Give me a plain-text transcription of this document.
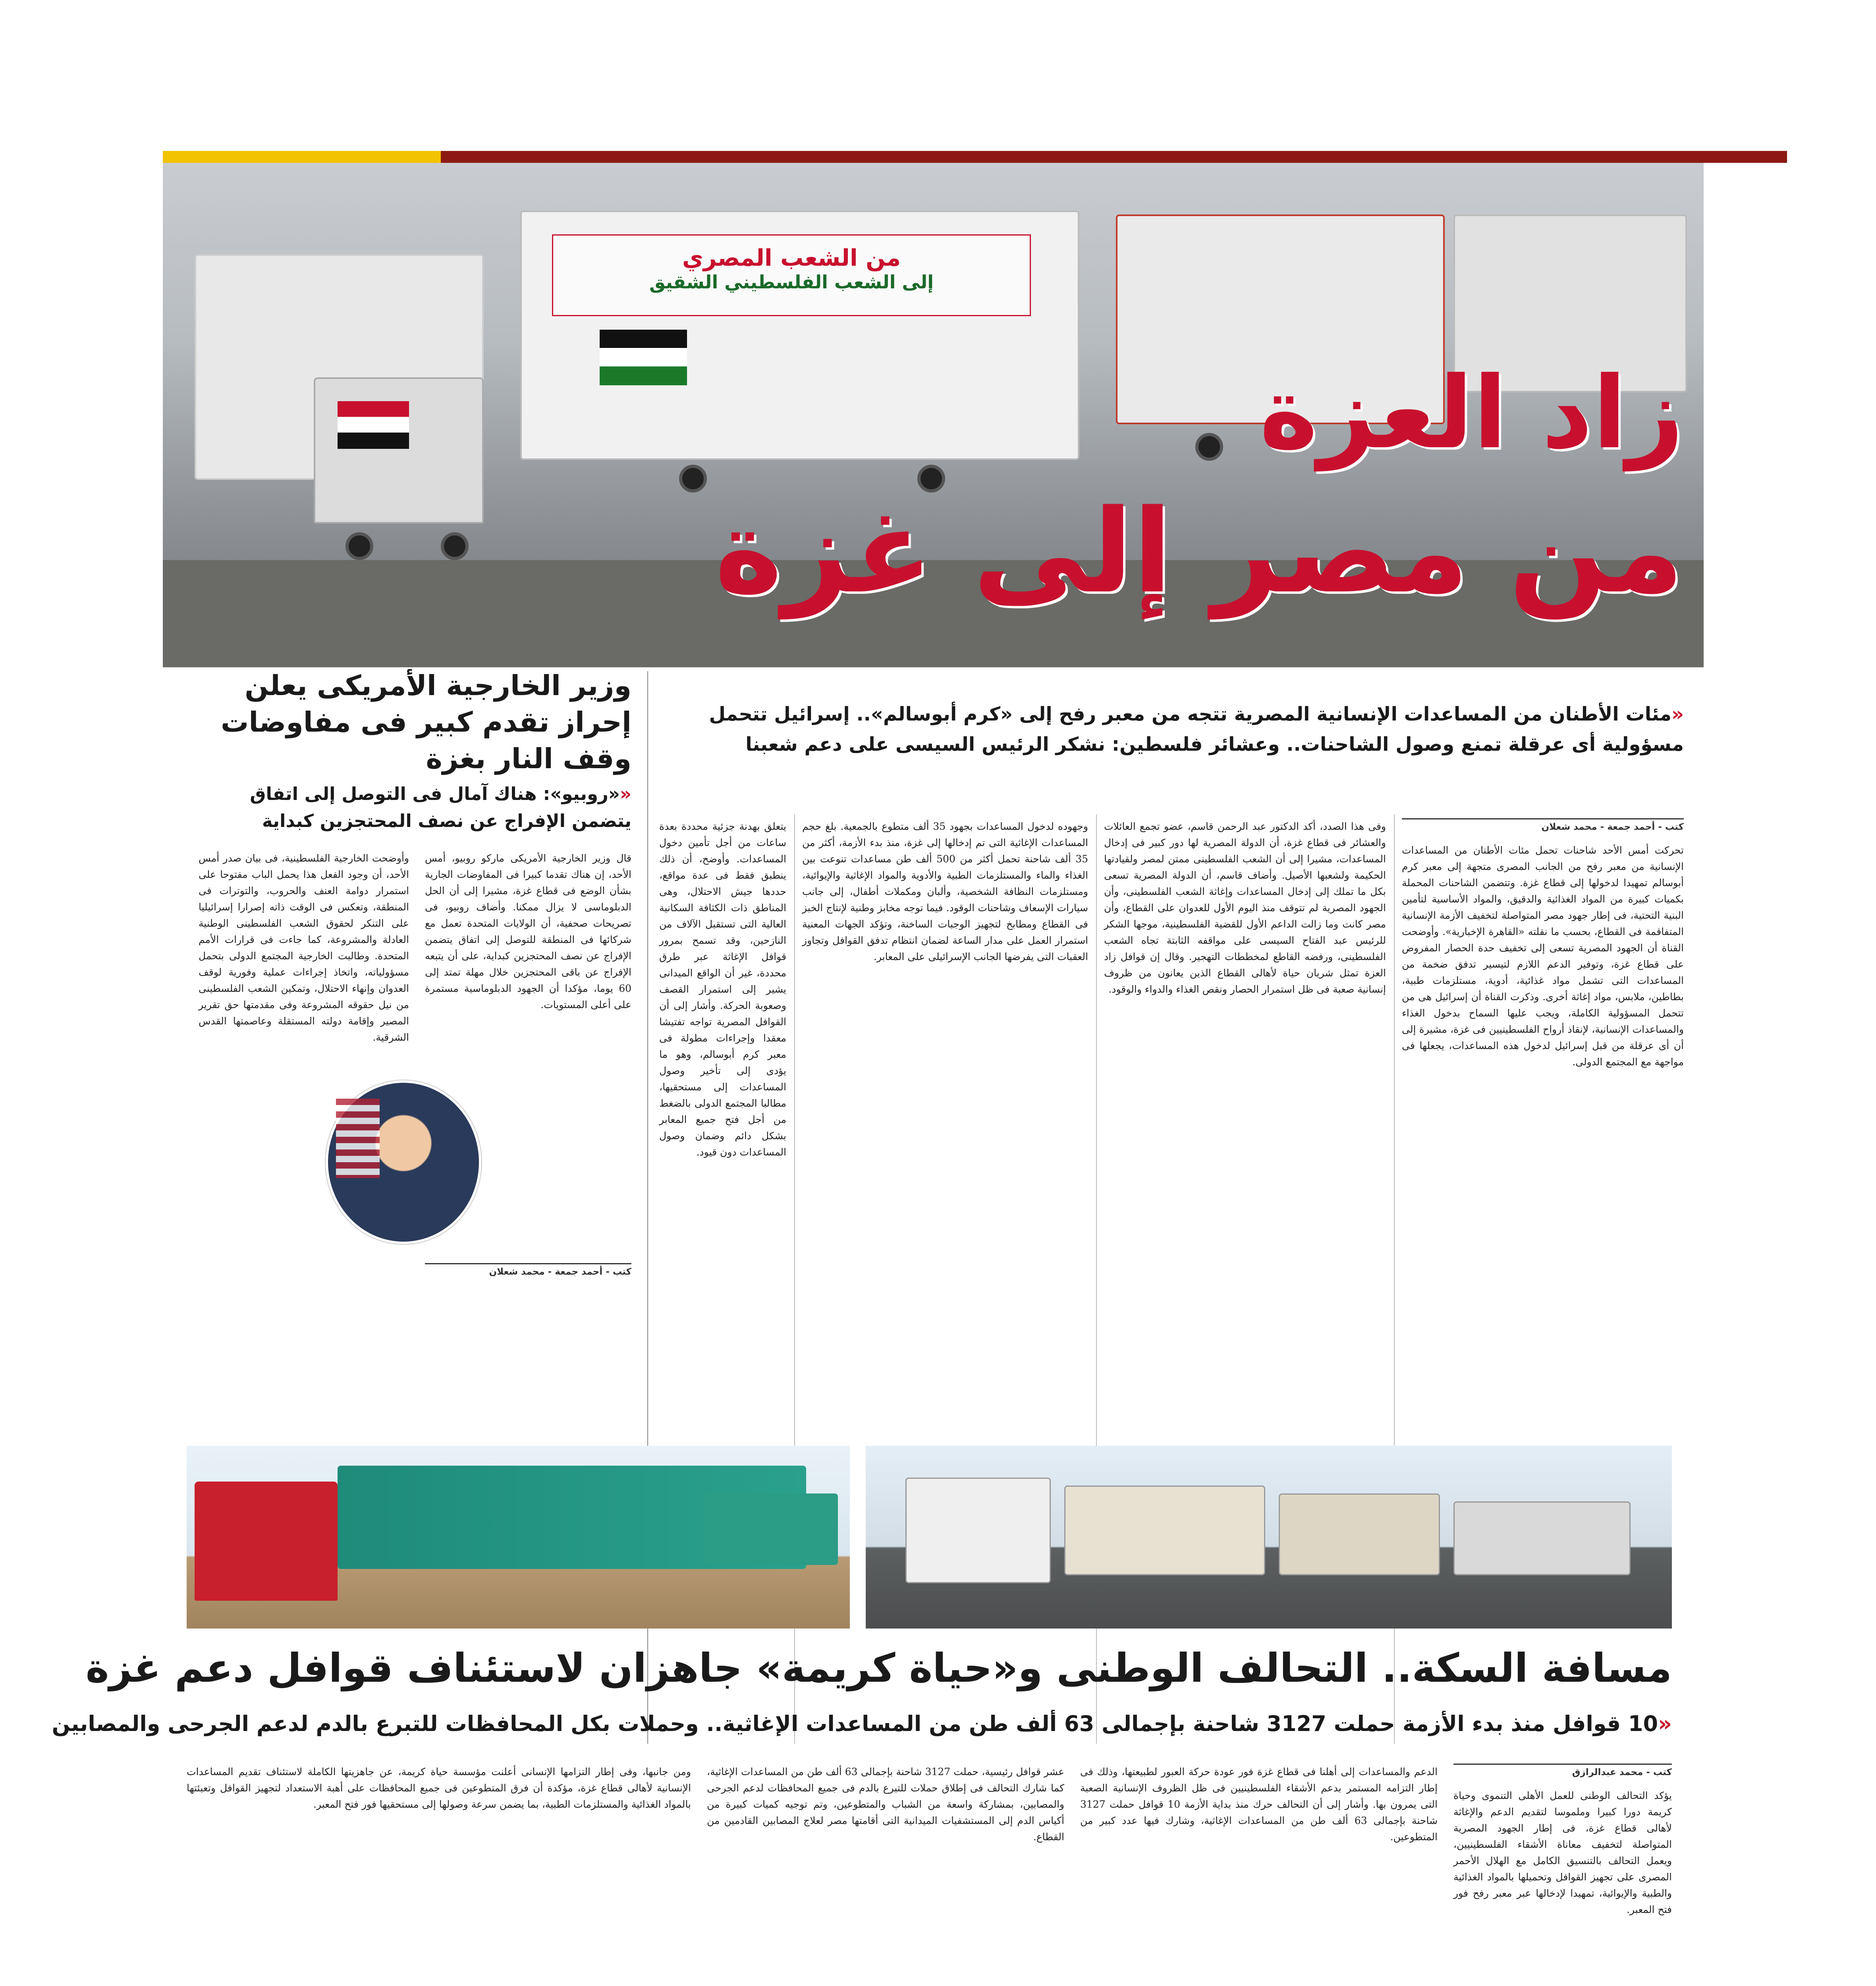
من الشعب المصري
إلى الشعب الفلسطيني الشقيق
زاد العزة
من مصر إلى غزة
وزير الخارجية الأمريكى يعلن إحراز تقدم كبير فى مفاوضات وقف النار بغزة
««روبيو»: هناك آمال فى التوصل إلى اتفاق يتضمن الإفراج عن نصف المحتجزين كبداية
«مئات الأطنان من المساعدات الإنسانية المصرية تتجه من معبر رفح إلى «كرم أبوسالم».. إسرائيل تتحمل مسؤولية أى عرقلة تمنع وصول الشاحنات.. وعشائر فلسطين: نشكر الرئيس السيسى على دعم شعبنا
كتب - أحمد جمعة - محمد شعلان
تحركت أمس الأحد شاحنات تحمل مئات الأطنان من المساعدات الإنسانية من معبر رفح من الجانب المصرى متجهة إلى معبر كرم أبوسالم تمهيدا لدخولها إلى قطاع غزة. وتتضمن الشاحنات المحملة بكميات كبيرة من المواد الغذائية والدقيق، والمواد الأساسية لتأمين البنية التحتية، فى إطار جهود مصر المتواصلة لتخفيف الأزمة الإنسانية المتفاقمة فى القطاع، بحسب ما نقلته «القاهرة الإخبارية». وأوضحت القناة أن الجهود المصرية تسعى إلى تخفيف حدة الحصار المفروض على قطاع غزة، وتوفير الدعم اللازم لتيسير تدفق ضخمة من المساعدات التى تشمل مواد غذائية، أدوية، مستلزمات طبية، بطاطين، ملابس، مواد إغاثة أخرى. وذكرت القناة أن إسرائيل هى من تتحمل المسؤولية الكاملة، ويجب عليها السماح بدخول الغذاء والمساعدات الإنسانية، لإنقاذ أرواح الفلسطينيين فى غزة، مشيرة إلى أن أى عرقلة من قبل إسرائيل لدخول هذه المساعدات، يجعلها فى مواجهة مع المجتمع الدولى.
وفى هذا الصدد، أكد الدكتور عبد الرحمن قاسم، عضو تجمع العائلات والعشائر فى قطاع غزة، أن الدولة المصرية لها دور كبير فى إدخال المساعدات، مشيرا إلى أن الشعب الفلسطينى ممتن لمصر ولقيادتها الحكيمة ولشعبها الأصيل. وأضاف قاسم، أن الدولة المصرية تسعى بكل ما تملك إلى إدخال المساعدات وإغاثة الشعب الفلسطينى، وأن الجهود المصرية لم تتوقف منذ اليوم الأول للعدوان على القطاع، وأن مصر كانت وما زالت الداعم الأول للقضية الفلسطينية، موجها الشكر للرئيس عبد الفتاح السيسى على مواقفه الثابتة تجاه الشعب الفلسطينى، ورفضه القاطع لمخططات التهجير. وقال إن قوافل زاد العزة تمثل شريان حياة لأهالى القطاع الذين يعانون من ظروف إنسانية صعبة فى ظل استمرار الحصار ونقص الغذاء والدواء والوقود.
وجهوده لدخول المساعدات بجهود 35 ألف متطوع بالجمعية. بلغ حجم المساعدات الإغاثية التى تم إدخالها إلى غزة، منذ بدء الأزمة، أكثر من 35 ألف شاحنة تحمل أكثر من 500 ألف طن مساعدات تنوعت بين الغذاء والماء والمستلزمات الطبية والأدوية والمواد الإغاثية والإيوائية، ومستلزمات النظافة الشخصية، وألبان ومكملات أطفال، إلى جانب سيارات الإسعاف وشاحنات الوقود. فيما توجه مخابز وطنية لإنتاج الخبز فى القطاع ومطابخ لتجهيز الوجبات الساخنة، وتؤكد الجهات المعنية استمرار العمل على مدار الساعة لضمان انتظام تدفق القوافل وتجاوز العقبات التى يفرضها الجانب الإسرائيلى على المعابر.
يتعلق بهدنة جزئية محددة بعدة ساعات من أجل تأمين دخول المساعدات. وأوضح، أن ذلك ينطبق فقط فى عدة مواقع، حددها جيش الاحتلال، وهى المناطق ذات الكثافة السكانية العالية التى تستقبل الآلاف من النازحين، وقد تسمح بمرور قوافل الإغاثة عبر طرق محددة، غير أن الواقع الميدانى يشير إلى استمرار القصف وصعوبة الحركة. وأشار إلى أن القوافل المصرية تواجه تفتيشا معقدا وإجراءات مطولة فى معبر كرم أبوسالم، وهو ما يؤدى إلى تأخير وصول المساعدات إلى مستحقيها، مطالبا المجتمع الدولى بالضغط من أجل فتح جميع المعابر بشكل دائم وضمان وصول المساعدات دون قيود.
قال وزير الخارجية الأمريكى ماركو روبيو، أمس الأحد، إن هناك تقدما كبيرا فى المفاوضات الجارية بشأن الوضع فى قطاع غزة، مشيرا إلى أن الحل الدبلوماسى لا يزال ممكنا. وأضاف روبيو، فى تصريحات صحفية، أن الولايات المتحدة تعمل مع شركائها فى المنطقة للتوصل إلى اتفاق يتضمن الإفراج عن نصف المحتجزين كبداية، على أن يتبعه الإفراج عن باقى المحتجزين خلال مهلة تمتد إلى 60 يوما، مؤكدا أن الجهود الدبلوماسية مستمرة على أعلى المستويات.
وأوضحت الخارجية الفلسطينية، فى بيان صدر أمس الأحد، أن وجود الفعل هذا يحمل الباب مفتوحا على استمرار دوامة العنف والحروب، والتوترات فى المنطقة، وتعكس فى الوقت ذاته إصرارا إسرائيليا على التنكر لحقوق الشعب الفلسطينى الوطنية العادلة والمشروعة، كما جاءت فى قرارات الأمم المتحدة. وطالبت الخارجية المجتمع الدولى بتحمل مسؤولياته، واتخاذ إجراءات عملية وفورية لوقف العدوان وإنهاء الاحتلال، وتمكين الشعب الفلسطينى من نيل حقوقه المشروعة وفى مقدمتها حق تقرير المصير وإقامة دولته المستقلة وعاصمتها القدس الشرقية.
كتب - أحمد جمعة - محمد شعلان
مسافة السكة.. التحالف الوطنى و«حياة كريمة» جاهزان لاستئناف قوافل دعم غزة
«10 قوافل منذ بدء الأزمة حملت 3127 شاحنة بإجمالى 63 ألف طن من المساعدات الإغاثية.. وحملات بكل المحافظات للتبرع بالدم لدعم الجرحى والمصابين
كتب - محمد عبدالرازق
يؤكد التحالف الوطنى للعمل الأهلى التنموى وحياة كريمة دورا كبيرا وملموسا لتقديم الدعم والإغاثة لأهالى قطاع غزة، فى إطار الجهود المصرية المتواصلة لتخفيف معاناة الأشقاء الفلسطينيين، ويعمل التحالف بالتنسيق الكامل مع الهلال الأحمر المصرى على تجهيز القوافل وتحميلها بالمواد الغذائية والطبية والإيوائية، تمهيدا لإدخالها عبر معبر رفح فور فتح المعبر.
الدعم والمساعدات إلى أهلنا فى قطاع غزة فور عودة حركة العبور لطبيعتها، وذلك فى إطار التزامه المستمر بدعم الأشقاء الفلسطينيين فى ظل الظروف الإنسانية الصعبة التى يمرون بها. وأشار إلى أن التحالف حرك منذ بداية الأزمة 10 قوافل حملت 3127 شاحنة بإجمالى 63 ألف طن من المساعدات الإغاثية، وشارك فيها عدد كبير من المتطوعين.
عشر قوافل رئيسية، حملت 3127 شاحنة بإجمالى 63 ألف طن من المساعدات الإغاثية، كما شارك التحالف فى إطلاق حملات للتبرع بالدم فى جميع المحافظات لدعم الجرحى والمصابين، بمشاركة واسعة من الشباب والمتطوعين، وتم توجيه كميات كبيرة من أكياس الدم إلى المستشفيات الميدانية التى أقامتها مصر لعلاج المصابين القادمين من القطاع.
ومن جانبها، وفى إطار التزامها الإنسانى أعلنت مؤسسة حياة كريمة، عن جاهزيتها الكاملة لاستئناف تقديم المساعدات الإنسانية لأهالى قطاع غزة، مؤكدة أن فرق المتطوعين فى جميع المحافظات على أهبة الاستعداد لتجهيز القوافل وتعبئتها بالمواد الغذائية والمستلزمات الطبية، بما يضمن سرعة وصولها إلى مستحقيها فور فتح المعبر.
